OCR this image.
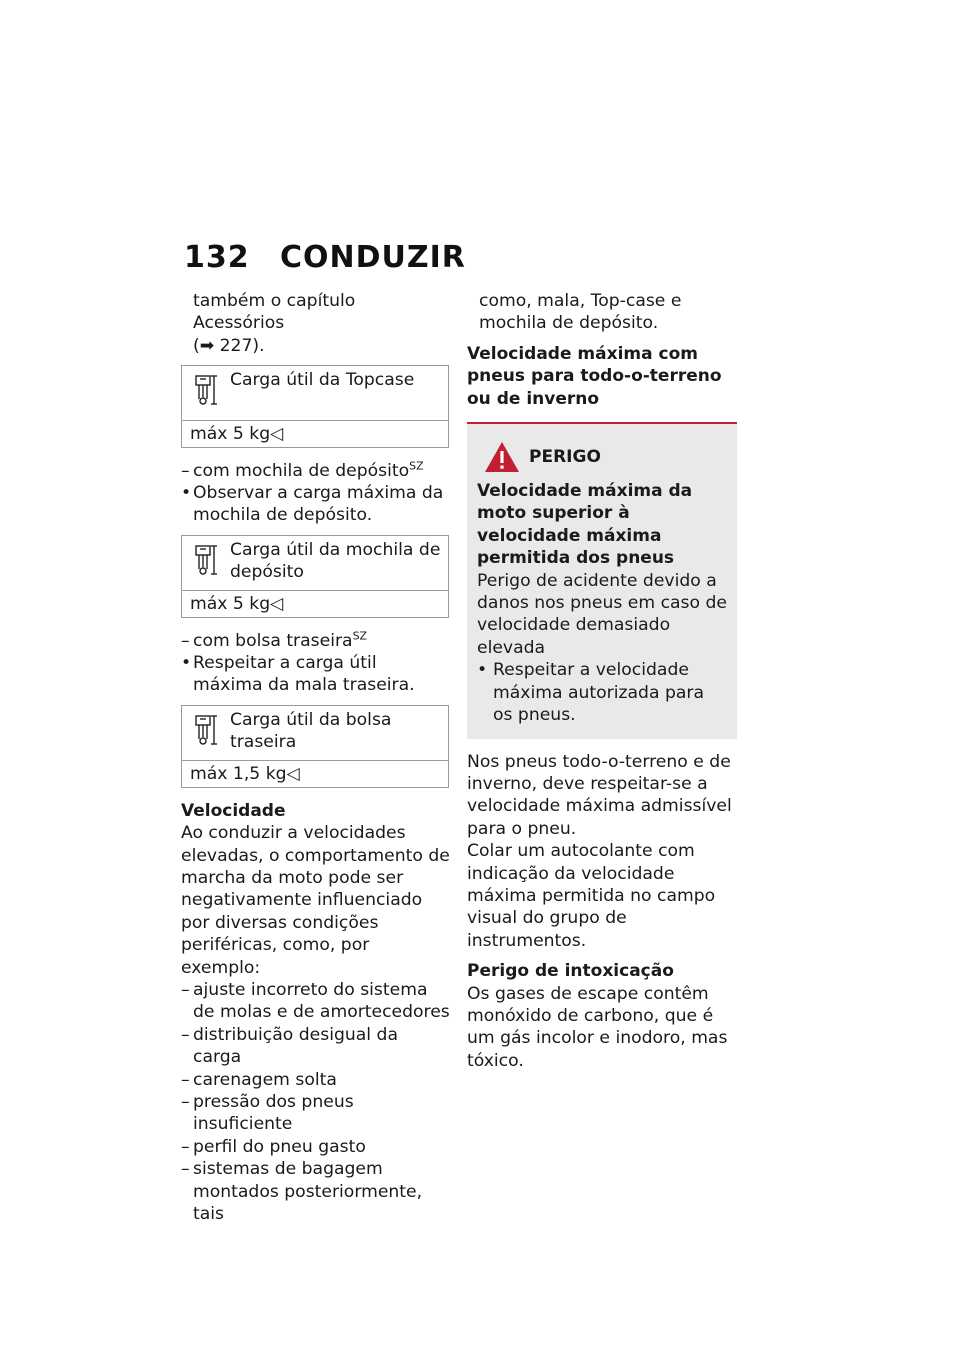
132 CONDUZIR

também o capítulo Acessórios
(➡ 227).

Carga útil da Topcase
máx 5 kg◁
– com mochila de depósito$^{SZ}$
• Observar a carga máxima da mochila de depósito.
Carga útil da mochila de depósito
máx 5 kg◁
– com bolsa traseira$^{SZ}$
• Respeitar a carga útil máxima da mala traseira.
Carga útil da bolsa traseira
máx 1,5 kg◁
Velocidade

Ao conduzir a velocidades elevadas, o comportamento de marcha da moto pode ser negativamente influenciado por diversas condições periféricas, como, por exemplo:

– ajuste incorreto do sistema de molas e de amortecedores
– distribuição desigual da carga
– carenagem solta
– pressão dos pneus insuficiente
– perfil do pneu gasto
– sistemas de bagagem montados posteriormente, tais

como, mala, Top-case e mochila de depósito.

Velocidade máxima com pneus para todo-o-terreno ou de inverno
PERIGO
Velocidade máxima da moto superior à velocidade máxima permitida dos pneus

Perigo de acidente devido a danos nos pneus em caso de velocidade demasiado elevada

• Respeitar a velocidade máxima autorizada para os pneus.

Nos pneus todo-o-terreno e de inverno, deve respeitar-se a velocidade máxima admissível para o pneu.

Colar um autocolante com indicação da velocidade máxima permitida no campo visual do grupo de instrumentos.

Perigo de intoxicação

Os gases de escape contêm monóxido de carbono, que é um gás incolor e inodoro, mas tóxico.
